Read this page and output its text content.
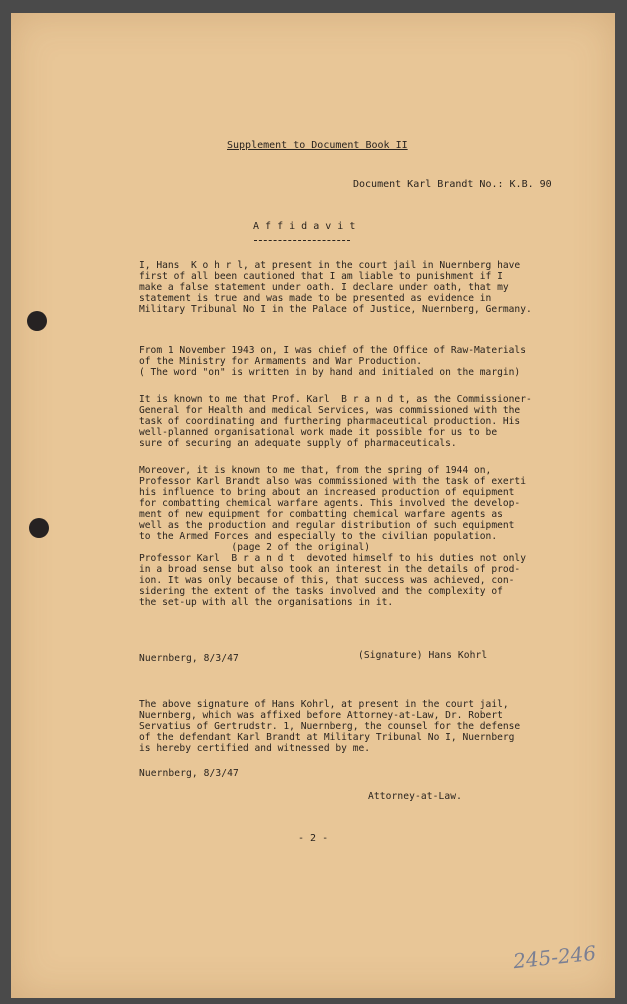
Supplement to Document Book II
Document Karl Brandt No.: K.B. 90
A f f i d a v i t
I, Hans  K o h r l, at present in the court jail in Nuernberg have
first of all been cautioned that I am liable to punishment if I
make a false statement under oath. I declare under oath, that my
statement is true and was made to be presented as evidence in
Military Tribunal No I in the Palace of Justice, Nuernberg, Germany.
From 1 November 1943 on, I was chief of the Office of Raw-Materials
of the Ministry for Armaments and War Production.
( The word "on" is written in by hand and initialed on the margin)
It is known to me that Prof. Karl  B r a n d t, as the Commissioner-
General for Health and medical Services, was commissioned with the
task of coordinating and furthering pharmaceutical production. His
well-planned organisational work made it possible for us to be
sure of securing an adequate supply of pharmaceuticals.
Moreover, it is known to me that, from the spring of 1944 on,
Professor Karl Brandt also was commissioned with the task of exerti
his influence to bring about an increased production of equipment
for combatting chemical warfare agents. This involved the develop-
ment of new equipment for combatting chemical warfare agents as
well as the production and regular distribution of such equipment
to the Armed Forces and especially to the civilian population.
(page 2 of the original)
Professor Karl  B r a n d t  devoted himself to his duties not only
in a broad sense but also took an interest in the details of prod-
ion. It was only because of this, that success was achieved, con-
sidering the extent of the tasks involved and the complexity of
the set-up with all the organisations in it.
Nuernberg, 8/3/47	(Signature) Hans Kohrl
The above signature of Hans Kohrl, at present in the court jail,
Nuernberg, which was affixed before Attorney-at-Law, Dr. Robert
Servatius of Gertrudstr. 1, Nuernberg, the counsel for the defense
of the defendant Karl Brandt at Military Tribunal No I, Nuernberg
is hereby certified and witnessed by me.
Nuernberg, 8/3/47
Attorney-at-Law.
- 2 -
245-246
